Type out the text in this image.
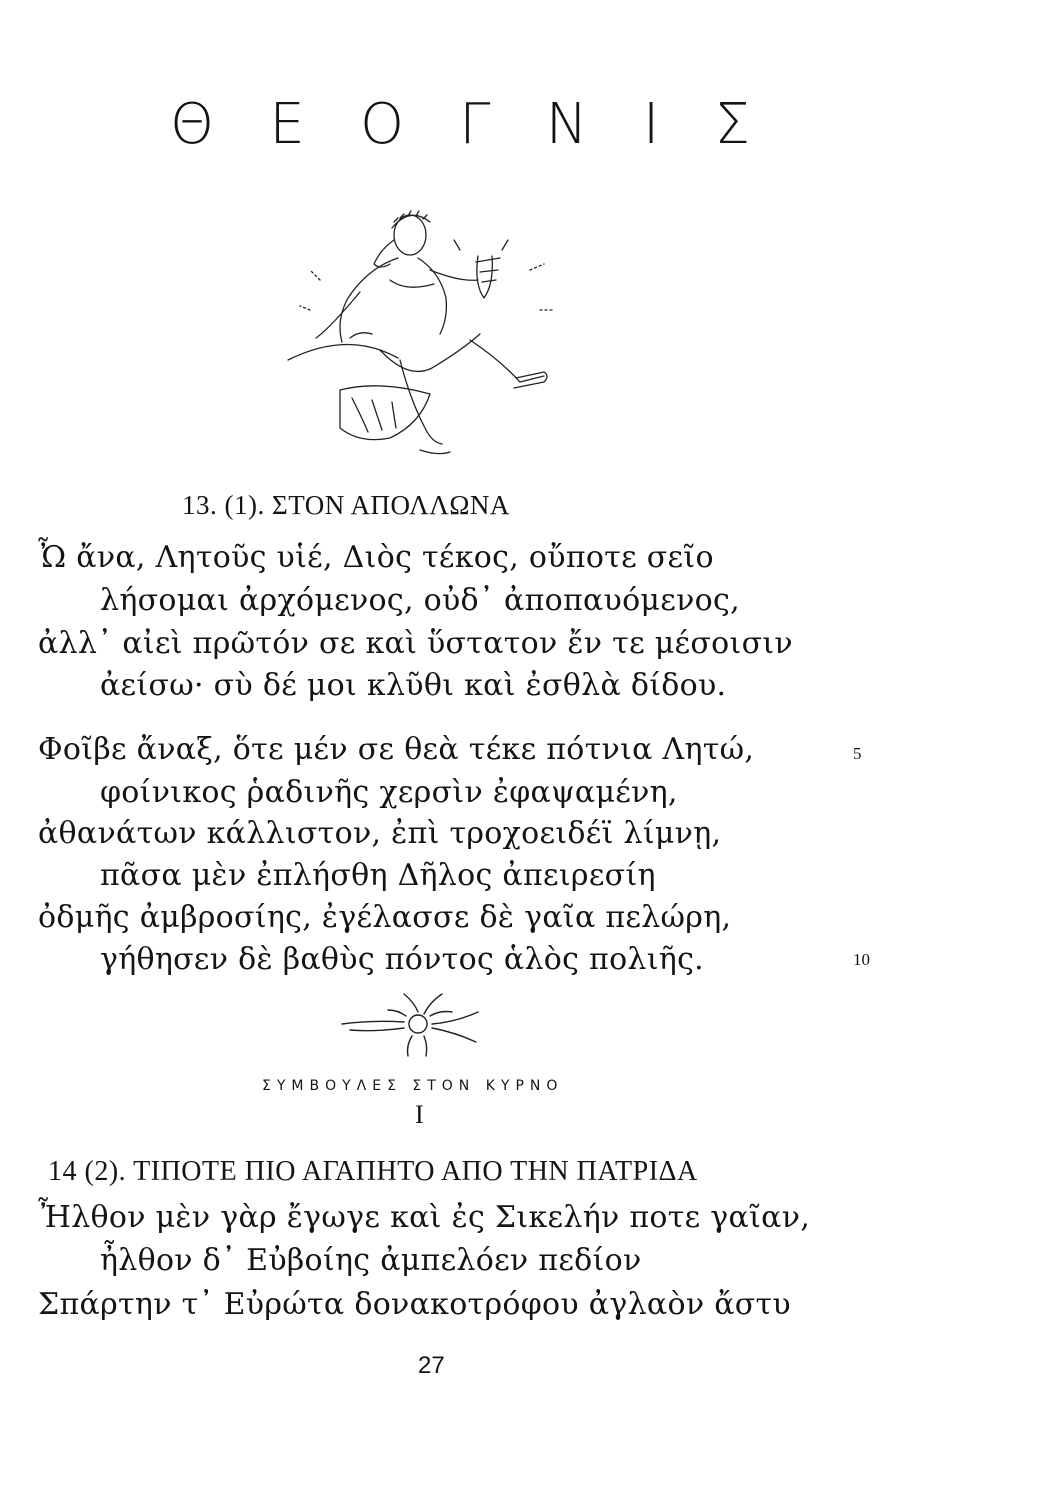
Θ Ε Ο Γ Ν Ι Σ
13. (1). ΣΤΟΝ ΑΠΟΛΛΩΝΑ
Ὦ ἄνα, Λητοῦς υἱέ, Διὸς τέκος, οὔποτε σεῖο
λήσομαι ἀρχόμενος, οὐδ᾽ ἀποπαυόμενος,
ἀλλ᾽ αἰεὶ πρῶτόν σε καὶ ὕστατον ἔν τε μέσοισιν
ἀείσω· σὺ δέ μοι κλῦθι καὶ ἐσθλὰ δίδου.
Φοῖβε ἄναξ, ὅτε μέν σε θεὰ τέκε πότνια Λητώ,
φοίνικος ῥαδινῆς χερσὶν ἐφαψαμένη,
ἀθανάτων κάλλιστον, ἐπὶ τροχοειδέϊ λίμνῃ,
πᾶσα μὲν ἐπλήσθη Δῆλος ἀπειρεσίη
ὀδμῆς ἀμβροσίης, ἐγέλασσε δὲ γαῖα πελώρη,
γήθησεν δὲ βαθὺς πόντος ἁλὸς πολιῆς.
5
10
ΣΥΜΒΟΥΛΕΣ ΣΤΟΝ ΚΥΡΝΟ
I
14 (2). ΤΙΠΟΤΕ ΠΙΟ ΑΓΑΠΗΤΟ ΑΠΟ ΤΗΝ ΠΑΤΡΙΔΑ
Ἦλθον μὲν γὰρ ἔγωγε καὶ ἐς Σικελήν ποτε γαῖαν,
ἦλθον δ᾽ Εὐβοίης ἀμπελόεν πεδίον
Σπάρτην τ᾽ Εὐρώτα δονακοτρόφου ἀγλαὸν ἄστυ
27
